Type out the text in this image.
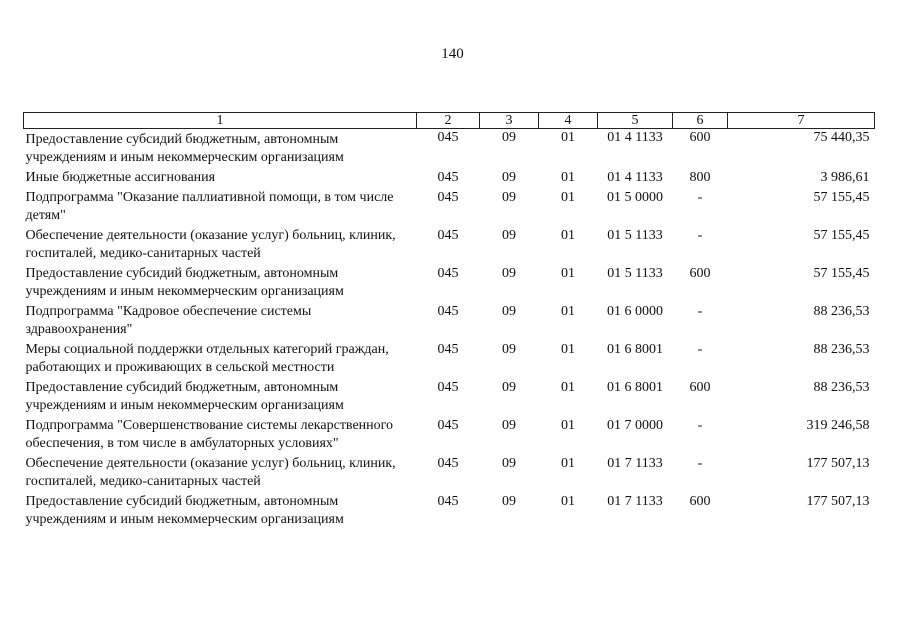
140
1	2	3	4	5	6	7
Предоставление субсидий бюджетным, автономным учреждениям и иным некоммерческим организациям	045	09	01	01 4 1133	600	75 440,35
Иные бюджетные ассигнования	045	09	01	01 4 1133	800	3 986,61
Подпрограмма "Оказание паллиативной помощи, в том числе детям"	045	09	01	01 5 0000	-	57 155,45
Обеспечение деятельности (оказание услуг) больниц, клиник, госпиталей, медико-санитарных частей	045	09	01	01 5 1133	-	57 155,45
Предоставление субсидий бюджетным, автономным учреждениям и иным некоммерческим организациям	045	09	01	01 5 1133	600	57 155,45
Подпрограмма "Кадровое обеспечение системы здравоохранения"	045	09	01	01 6 0000	-	88 236,53
Меры социальной поддержки отдельных категорий граждан, работающих и проживающих в сельской местности	045	09	01	01 6 8001	-	88 236,53
Предоставление субсидий бюджетным, автономным учреждениям и иным некоммерческим организациям	045	09	01	01 6 8001	600	88 236,53
Подпрограмма "Совершенствование системы лекарственного обеспечения, в том числе в амбулаторных условиях"	045	09	01	01 7 0000	-	319 246,58
Обеспечение деятельности (оказание услуг) больниц, клиник, госпиталей, медико-санитарных частей	045	09	01	01 7 1133	-	177 507,13
Предоставление субсидий бюджетным, автономным учреждениям и иным некоммерческим организациям	045	09	01	01 7 1133	600	177 507,13
